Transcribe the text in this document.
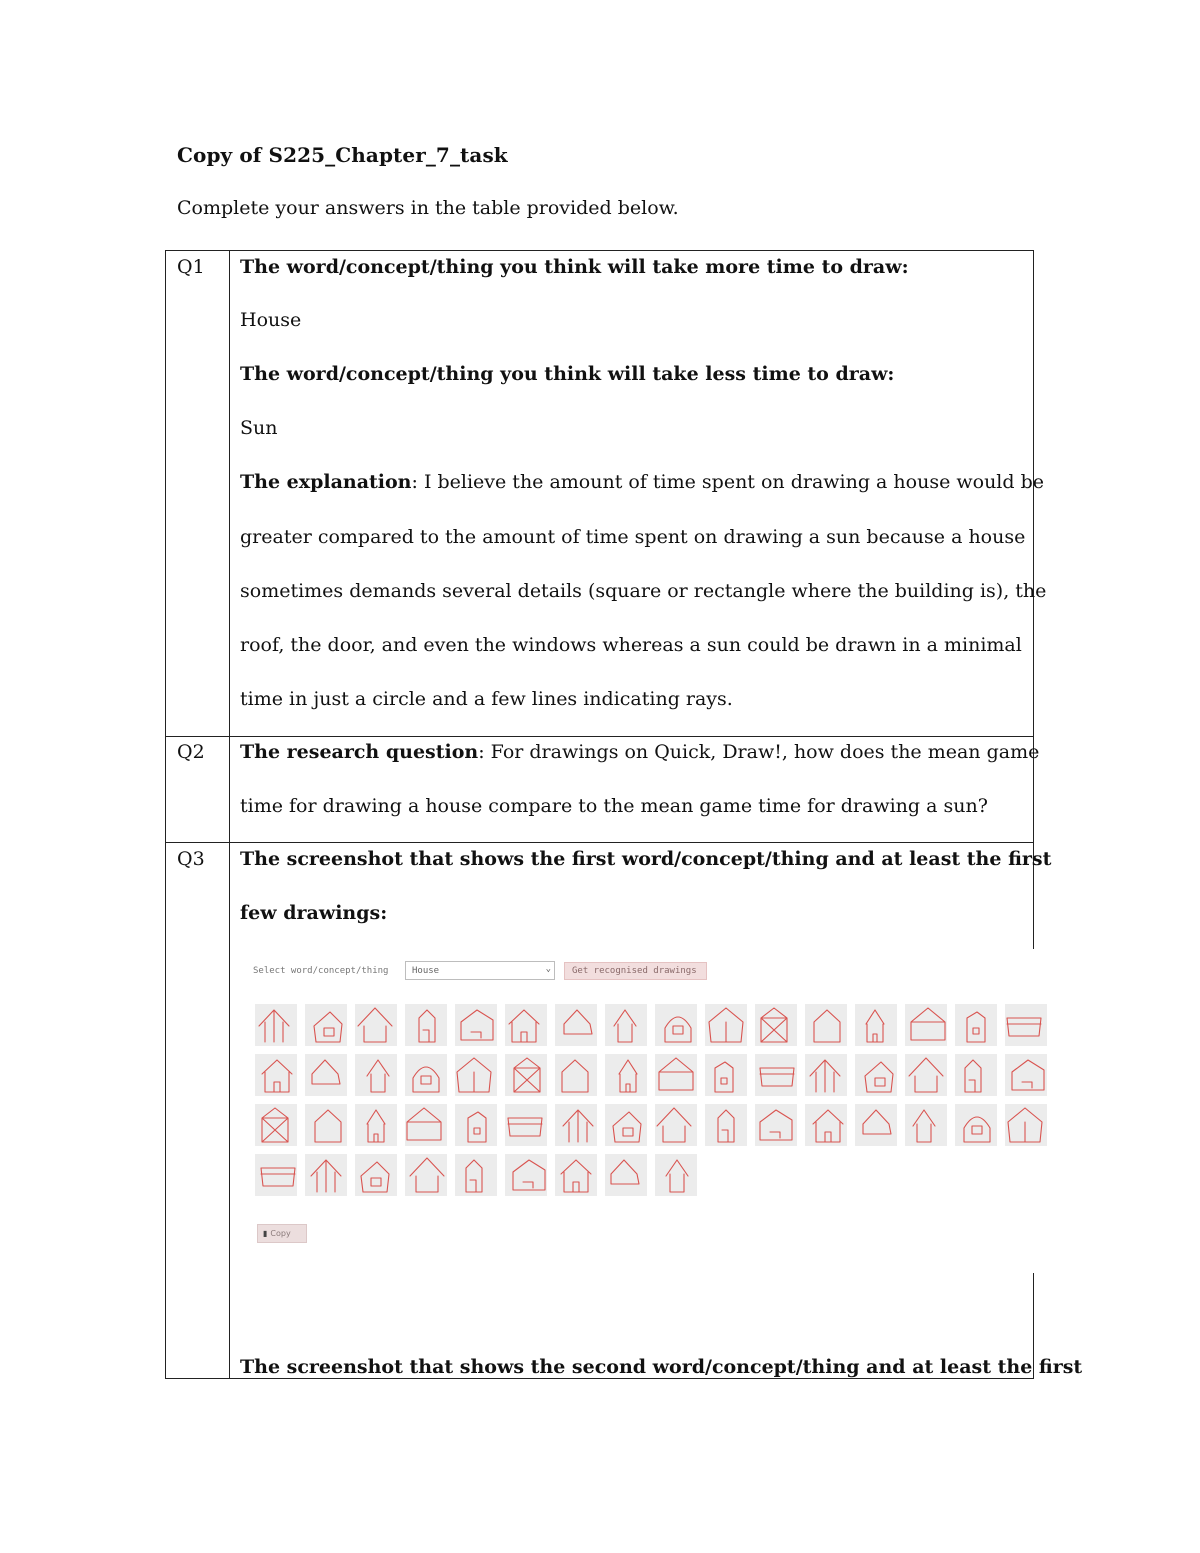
Copy of S225_Chapter_7_task

Complete your answers in the table provided below.

Q1 The word/concept/thing you think will take more time to draw:

House

The word/concept/thing you think will take less time to draw:

Sun

The explanation: I believe the amount of time spent on drawing a house would be

greater compared to the amount of time spent on drawing a sun because a house

sometimes demands several details (square or rectangle where the building is), the

roof, the door, and even the windows whereas a sun could be drawn in a minimal

time in just a circle and a few lines indicating rays.

Q2 The research question: For drawings on Quick, Draw!, how does the mean game

time for drawing a house compare to the mean game time for drawing a sun?

Q3 The screenshot that shows the first word/concept/thing and at least the first

few drawings:

Select word/concept/thing	House	⌄	Get recognised drawings
▮ Copy

The screenshot that shows the second word/concept/thing and at least the first
